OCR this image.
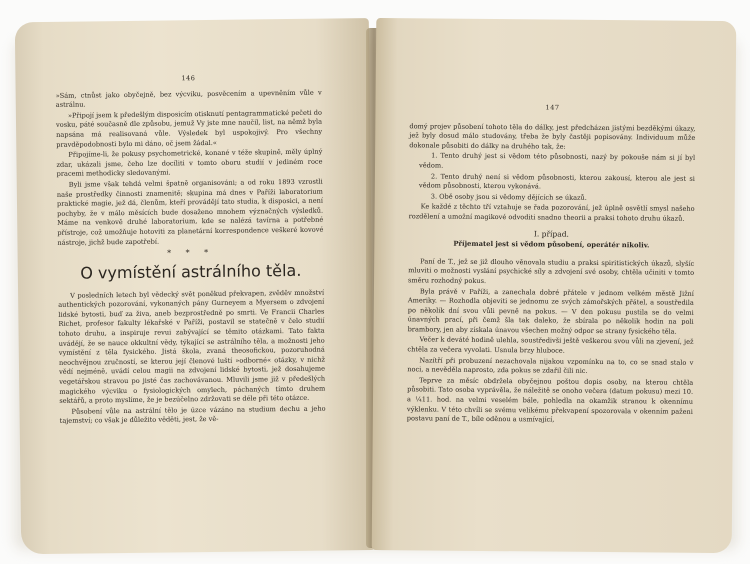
146

»Sám, ctnůst jako obyčejně, bez výcviku, posvěcením a upevněním vůle v astrálnu.

»Připojí jsem k předešlým disposicím otisknutí pentagrammatické pečeti do vosku, páté současně dle způsobu, jemuž Vy jste mne naučil, list, na němž byla napsána má realisovaná vůle. Výsledek byl uspokojivý. Pro všechny pravděpodobnosti bylo mi dáno, oč jsem žádal.«

Připojíme-li, že pokusy psychometrické, konané v téže skupině, měly úplný zdar, ukázali jsme, čeho lze docíliti v tomto oboru studií v jediném roce pracemi methodicky sledovanými.

Byli jsme však tehdá velmi špatně organisováni; a od roku 1893 vzrostli naše prostředky činnosti znamenitě; skupina má dnes v Paříži laboratorium praktické magie, jež dá, členům, kteří provádějí tato studia, k disposici, a není pochyby, že v málo měsících bude dosaženo mnohem význačných výsledků. Máme na venkově druhé laboratorium, kde se nalézá tavírna a potřebné přístroje, což umožňuje hotoviti za planetární korrespondence veškeré kovové nástroje, jichž bude zapotřebí.

* * *
O vymístění astrálního těla.

V posledních letech byl vědecký svět poněkud překvapen, zvěděv množství authentických pozorování, vykonaných pány Gurneyem a Myersem o zdvojení lidské bytosti, buď za živa, aneb bezprostředně po smrti. Ve Francii Charles Richet, profesor fakulty lékařské v Paříži, postavil se statečně v čelo studií tohoto druhu, a inspiruje revui zabývající se těmito otázkami. Tato fakta uvádějí, že se nauce okkultní vědy, týkající se astrálního těla, a možnosti jeho vymístění z těla fysického. Jistá škola, zvaná theosofickou, pozoruhodná neochvějnou zručností, se kterou její členové luští »odborné« otázky, v nichž vědí nejméně, uvádí celou magii na zdvojení lidské bytosti, jež dosahujeme vegetářskou stravou po jisté čas zachovávanou. Mluvili jsme již v předešlých magického výcviku o fysiologických omylech, páchaných tímto druhem sektářů, a proto myslíme, že je bezúčelno zdržovati se déle při této otázce.

Působení vůle na astrální tělo je úzce vázáno na studium dechu a jeho tajemství; co však je důležito věděti, jest, že vě-

147

domý projev působení tohoto těla do dálky, jest předcházen jistými bezděkými úkazy, jež byly dosud málo studovány, třeba že byly častěji popisovány. Individuum může dokonale působiti do dálky na druhého tak, že:

1. Tento druhý jest si vědom této působnosti, nazý by pokouše nám si jí byl vědom.

2. Tento druhý není si vědom působnosti, kterou zakousí, kterou ale jest si vědom působnosti, kterou vykonává.

3. Obě osoby jsou si vědomy dějících se úkazů.

Ke každé z těchto tří vztahuje se řada pozorování, jež úplně osvětlí smysl našeho rozdělení a umožní magikové odvoditi snadno theorii a praksi tohoto druhu úkazů.

I. případ.
Příjematel jest si vědom působení, operátér nikoliv.

Paní de T., jež se již dlouho věnovala studiu a praksi spiritistických úkazů, slyšíc mluviti o možnosti vyslání psychické síly a zdvojení své osoby, chtěla učiniti v tomto směru rozhodný pokus.

Byla právě v Paříži, a zanechala dobré přátele v jednom velkém městě Jižní Ameriky. — Rozhodla objeviti se jednomu ze svých zámořských přátel, a soustředila po několik dní svou vůli pevně na pokus. — V den pokusu pustila se do velmi únavných prací, při čemž šla tak daleko, že sbírala po několik hodin na poli brambory, jen aby získala únavou všechen možný odpor se strany fysického těla.

Večer k deváté hodině ulehla, soustředivši ještě veškerou svou vůli na zjevení, jež chtěla za večera vyvolati. Usnula brzy hluboce.

Nazítří při probuzení nezachovala nijakou vzpomínku na to, co se snad stalo v noci, a nevěděla naprosto, zda pokus se zdařil čili nic.

Teprve za měsíc obdržela obyčejnou poštou dopis osoby, na kterou chtěla působiti. Tato osoba vyprávěla, že náležitě se onoho večera (datum pokusu) mezi 10. a ¼11. hod. na velmi veselém bále, pohledla na okamžik stranou k okennímu výklenku. V této chvíli se svému velikému překvapení spozorovala v okenním paženi postavu paní de T., bíle oděnou a usmívající,
